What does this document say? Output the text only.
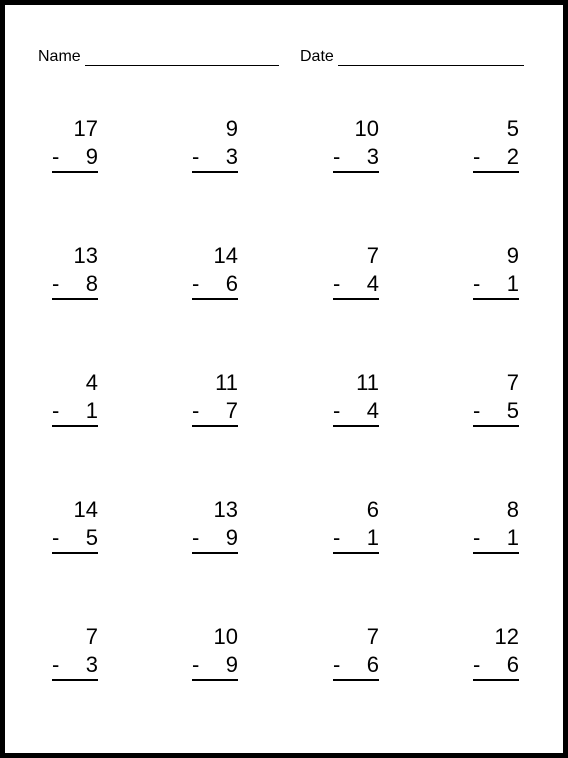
Name	Date
17
- 9
9
- 3
10
- 3
5
- 2
13
- 8
14
- 6
7
- 4
9
- 1
4
- 1
11
- 7
11
- 4
7
- 5
14
- 5
13
- 9
6
- 1
8
- 1
7
- 3
10
- 9
7
- 6
12
- 6
